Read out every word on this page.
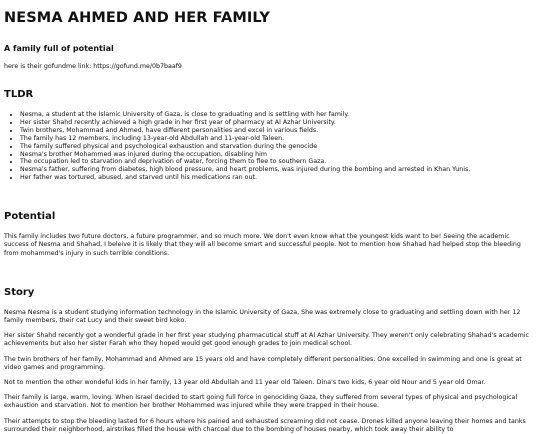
NESMA AHMED AND HER FAMILY
A family full of potential
here is their gofundme link: https://gofund.me/0b7baaf9
TLDR
• Nesma, a student at the Islamic University of Gaza, is close to graduating and is settling with her family.
• Her sister Shahd recently achieved a high grade in her first year of pharmacy at Al Azhar University.
• Twin brothers, Mohammad and Ahmed, have different personalities and excel in various fields.
• The family has 12 members, including 13-year-old Abdullah and 11-year-old Taleen.
• The family suffered physical and psychological exhaustion and starvation during the genocide
• Nesma's brother Mohammed was injured during the occupation, disabling him
• The occupation led to starvation and deprivation of water, forcing them to flee to southern Gaza.
• Nesma's father, suffering from diabetes, high blood pressure, and heart problems, was injured during the bombing and arrested in Khan Yunis.
• Her father was tortured, abused, and starved until his medications ran out.
Potential

This family includes two future doctors, a future programmer, and so much more. We don't even know what the youngest kids want to be! Seeing the academic success of Nesma and Shahad, I beleive it is likely that they will all become smart and successful people. Not to mention how Shahad had helped stop the bleeding from mohammed's injury in such terrible conditions.

Story

Nesma Nesma is a student studying information technology in the Islamic University of Gaza, She was extremely close to graduating and settling down with her 12 family members, their cat Lucy and their sweet bird koko.

Her sister Shahd recently got a wonderful grade in her first year studying pharmacutical stuff at Al Azhar University. They weren't only celebrating Shahad's academic achievements but also her sister Farah who they hoped would get good enough grades to join medical school.

The twin brothers of her family, Mohammad and Ahmed are 15 years old and have completely different personalities. One excelled in swimming and one is great at video games and programming.

Not to mention the other wondeful kids in her family, 13 year old Abdullah and 11 year old Taleen. Dina's two kids, 6 year old Nour and 5 year old Omar.

Their family is large, warm, loving. When Israel decided to start going full force in genociding Gaza, they suffered from several types of physical and psychological exhaustion and starvation. Not to mention her brother Mohammed was injured while they were trapped in their house.

Their attempts to stop the bleeding lasted for 6 hours where his pained and exhausted screaming did not cease. Drones killed anyone leaving their homes and tanks surrounded their neighborhood, airstrikes filled the house with charcoal due to the bombing of houses nearby, which took away their ability to
